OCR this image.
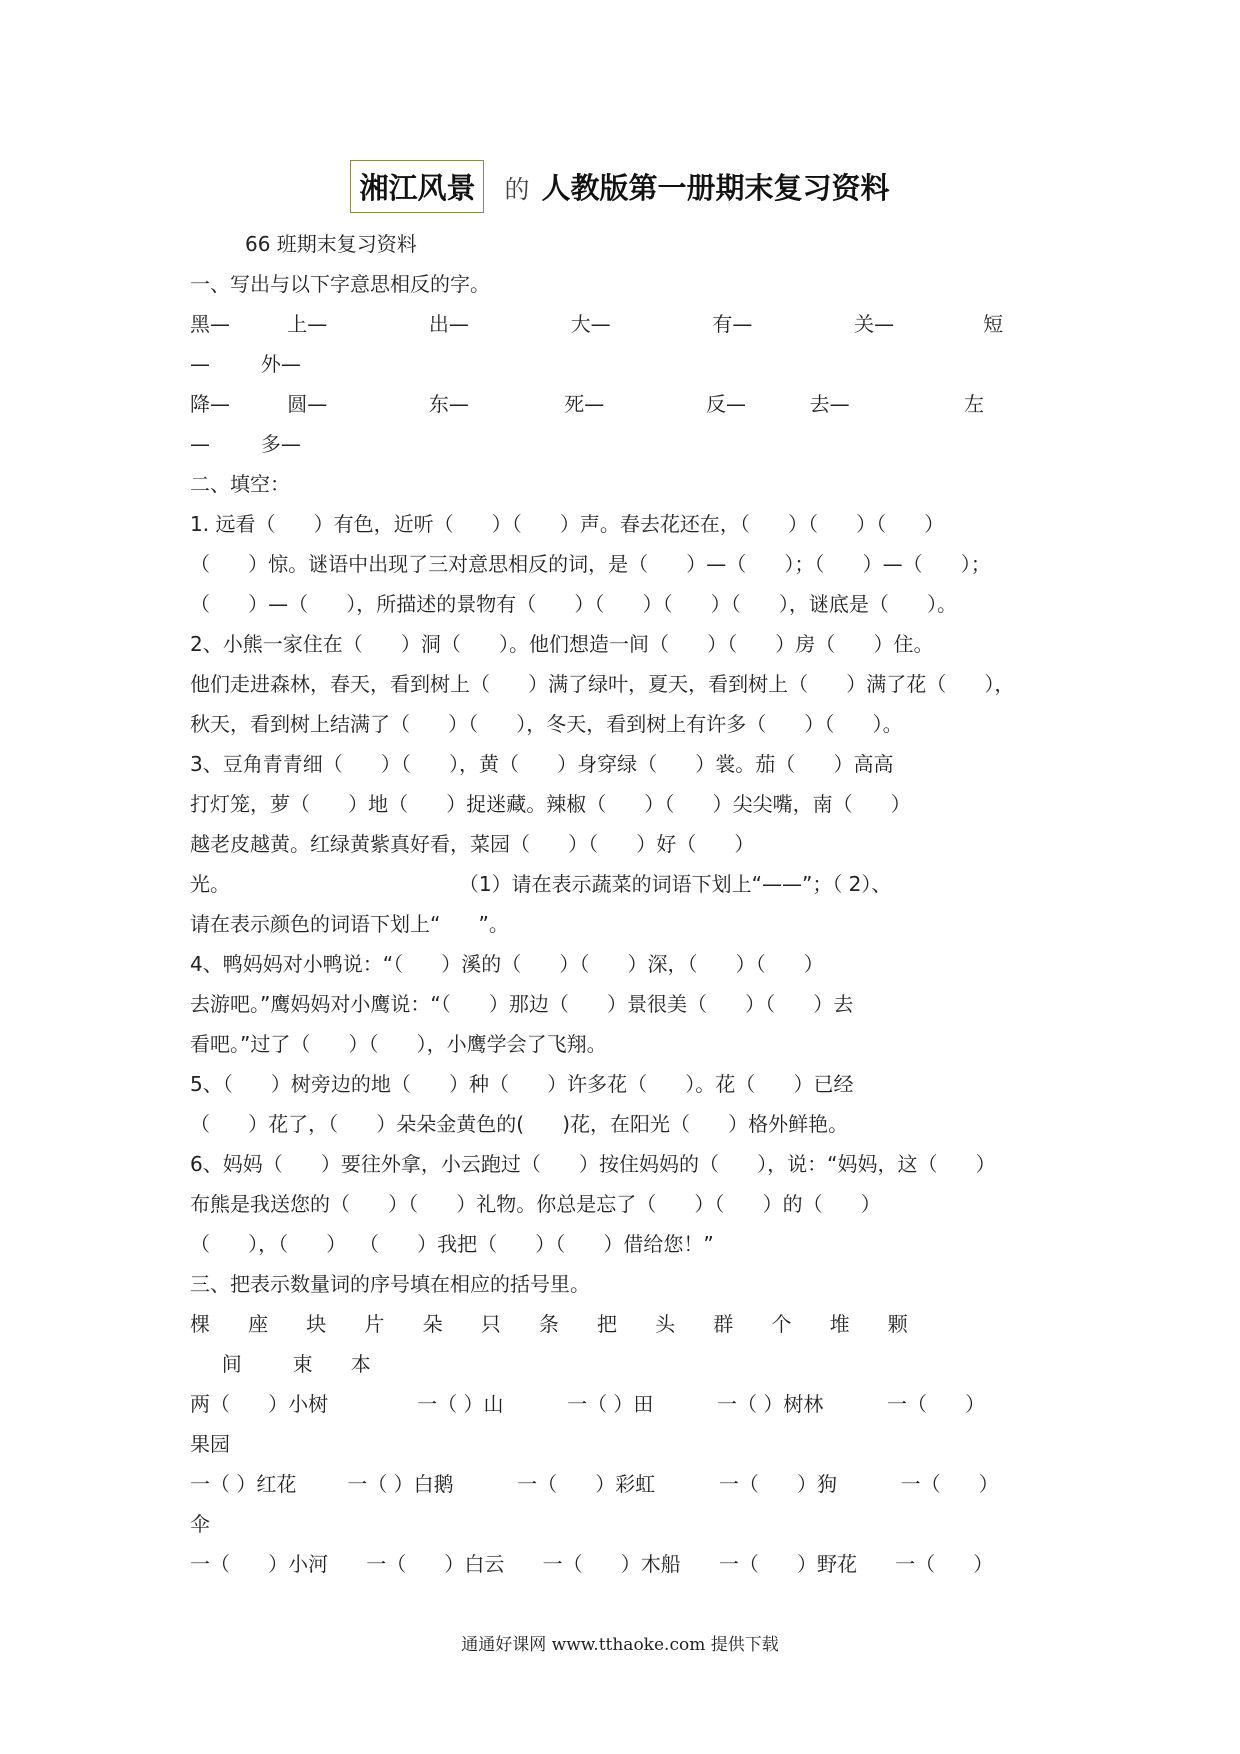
湘江风景 的 人教版第一册期末复习资料
66 班期末复习资料
一、写出与以下字意思相反的字。
黑—         上—                出—                大—                有—                关—              短
—        外—
降—         圆—                东—               死—                反—          去—                  左
—        多—
二、填空：
1. 远看（      ）有色，近听（      ）（      ）声。春去花还在，（      ）（      ）（      ）
（      ）惊。谜语中出现了三对意思相反的词，是（      ）—（      ）；（      ）—（      ）；
（      ）—（      ），所描述的景物有（      ）（      ）（      ）（      ），谜底是（      ）。
2、小熊一家住在（      ）洞（      ）。他们想造一间（      ）（      ）房（      ）住。
他们走进森林，春天，看到树上（      ）满了绿叶，夏天，看到树上（      ）满了花（      ），
秋天，看到树上结满了（      ）（      ），冬天，看到树上有许多（      ）（      ）。
3、豆角青青细（      ）（      ），黄（      ）身穿绿（      ）裳。茄（      ）高高
打灯笼，萝（      ）地（      ）捉迷藏。辣椒（      ）（      ）尖尖嘴，南（      ）
越老皮越黄。红绿黄紫真好看，菜园（      ）（      ）好（      ）
光。                                    （1）请在表示蔬菜的词语下划上“——”；（ 2）、
请在表示颜色的词语下划上“      ”。
4、鸭妈妈对小鸭说：“（      ）溪的（      ）（      ）深，（      ）（      ）
去游吧。”鹰妈妈对小鹰说：“（      ）那边（      ）景很美（      ）（      ）去
看吧。”过了（      ）（      ），小鹰学会了飞翔。
5、（      ）树旁边的地（      ）种（      ）许多花（      ）。花（      ）已经
（      ）花了，（      ）朵朵金黄色的(      )花，在阳光（      ）格外鲜艳。
6、妈妈（      ）要往外拿，小云跑过（      ）按住妈妈的（      ），说：“妈妈，这（      ）
布熊是我送您的（      ）（      ）礼物。你总是忘了（      ）（      ）的（      ）
（      ），（      ）  （      ）我把（      ）（      ）借给您！”
三、把表示数量词的序号填在相应的括号里。
棵      座      块      片      朵      只      条      把      头      群      个      堆      颗
间        束      本
两（      ）小树              一（ ）山          一（ ）田          一（ ）树林          一（      ）
果园
一（ ）红花        一（ ）白鹅          一（      ）彩虹          一（      ）狗          一（      ）
伞
一（      ）小河      一（      ）白云      一（      ）木船      一（      ）野花      一（      ）
通通好课网 www.tthaoke.com 提供下载
